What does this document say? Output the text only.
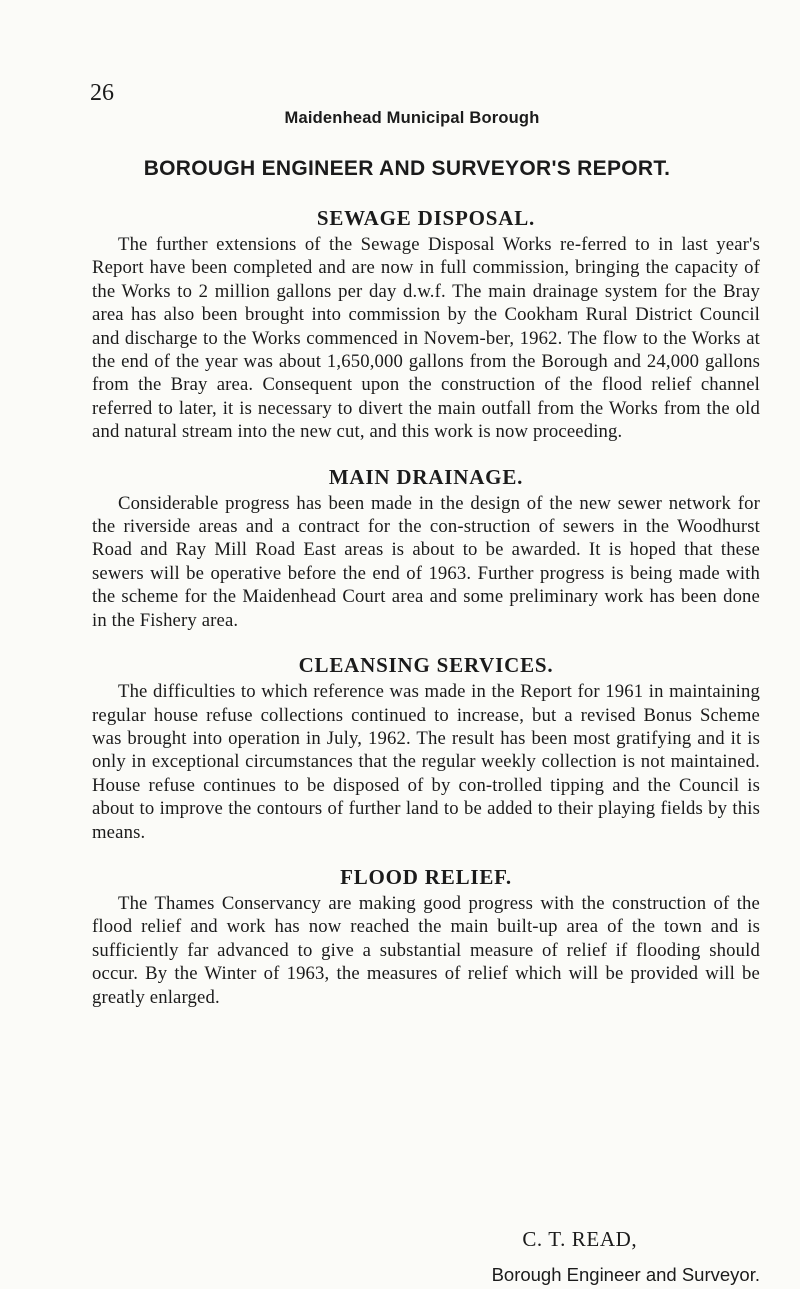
26
Maidenhead Municipal Borough
BOROUGH ENGINEER AND SURVEYOR'S REPORT.
SEWAGE DISPOSAL.

The further extensions of the Sewage Disposal Works re-ferred to in last year's Report have been completed and are now in full commission, bringing the capacity of the Works to 2 million gallons per day d.w.f. The main drainage system for the Bray area has also been brought into commission by the Cookham Rural District Council and discharge to the Works commenced in Novem-ber, 1962. The flow to the Works at the end of the year was about 1,650,000 gallons from the Borough and 24,000 gallons from the Bray area. Consequent upon the construction of the flood relief channel referred to later, it is necessary to divert the main outfall from the Works from the old and natural stream into the new cut, and this work is now proceeding.

MAIN DRAINAGE.

Considerable progress has been made in the design of the new sewer network for the riverside areas and a contract for the con-struction of sewers in the Woodhurst Road and Ray Mill Road East areas is about to be awarded. It is hoped that these sewers will be operative before the end of 1963. Further progress is being made with the scheme for the Maidenhead Court area and some preliminary work has been done in the Fishery area.

CLEANSING SERVICES.

The difficulties to which reference was made in the Report for 1961 in maintaining regular house refuse collections continued to increase, but a revised Bonus Scheme was brought into operation in July, 1962. The result has been most gratifying and it is only in exceptional circumstances that the regular weekly collection is not maintained. House refuse continues to be disposed of by con-trolled tipping and the Council is about to improve the contours of further land to be added to their playing fields by this means.

FLOOD RELIEF.

The Thames Conservancy are making good progress with the construction of the flood relief and work has now reached the main built-up area of the town and is sufficiently far advanced to give a substantial measure of relief if flooding should occur. By the Winter of 1963, the measures of relief which will be provided will be greatly enlarged.

C. T. READ,
Borough Engineer and Surveyor.
